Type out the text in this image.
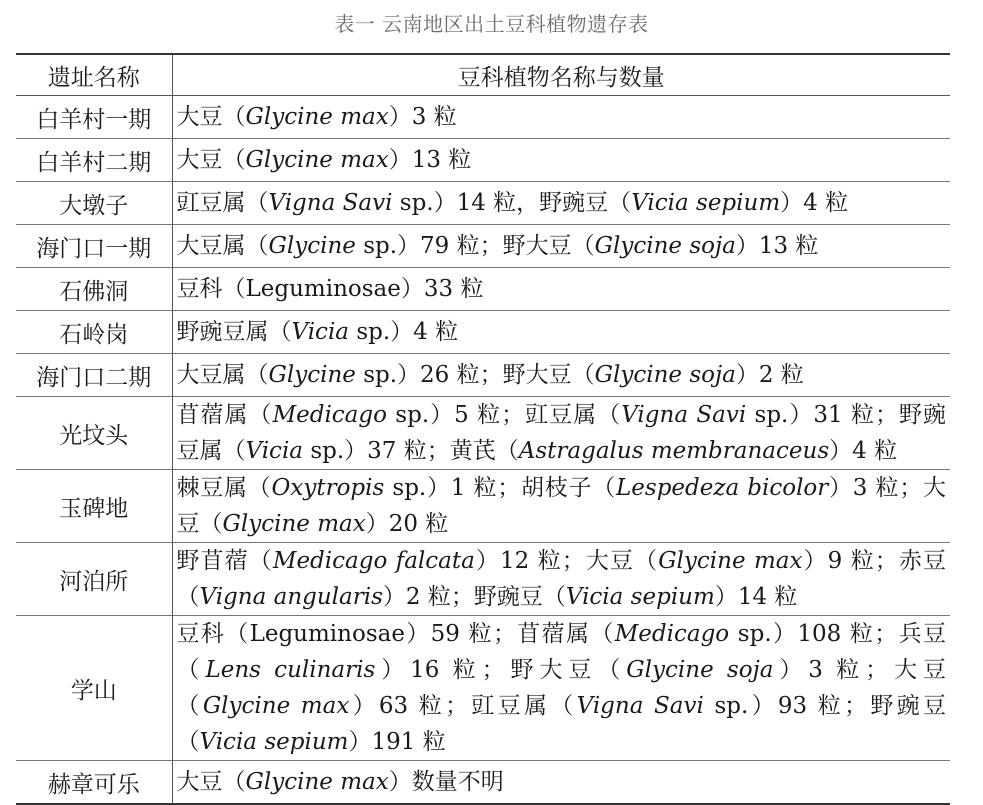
表一 云南地区出土豆科植物遗存表
遗址名称	豆科植物名称与数量
白羊村一期	大豆（Glycine max）3 粒
白羊村二期	大豆（Glycine max）13 粒
大墩子	豇豆属（Vigna Savi sp.）14 粒，野豌豆（Vicia sepium）4 粒
海门口一期	大豆属（Glycine sp.）79 粒；野大豆（Glycine soja）13 粒
石佛洞	豆科（Leguminosae）33 粒
石岭岗	野豌豆属（Vicia sp.）4 粒
海门口二期	大豆属（Glycine sp.）26 粒；野大豆（Glycine soja）2 粒
光坟头	苜蓿属（Medicago sp.）5 粒；豇豆属（Vigna Savi sp.）31 粒；野豌豆属（Vicia sp.）37 粒；黄芪（Astragalus membranaceus）4 粒
玉碑地	棘豆属（Oxytropis sp.）1 粒；胡枝子（Lespedeza bicolor）3 粒；大豆（Glycine max）20 粒
河泊所	野苜蓿（Medicago falcata）12 粒；大豆（Glycine max）9 粒；赤豆（Vigna angularis）2 粒；野豌豆（Vicia sepium）14 粒
学山	豆科（Leguminosae）59 粒；苜蓿属（Medicago sp.）108 粒；兵豆（Lens culinaris）16 粒；野大豆（Glycine soja）3 粒；大豆（Glycine max）63 粒；豇豆属（Vigna Savi sp.）93 粒；野豌豆（Vicia sepium）191 粒
赫章可乐	大豆（Glycine max）数量不明
